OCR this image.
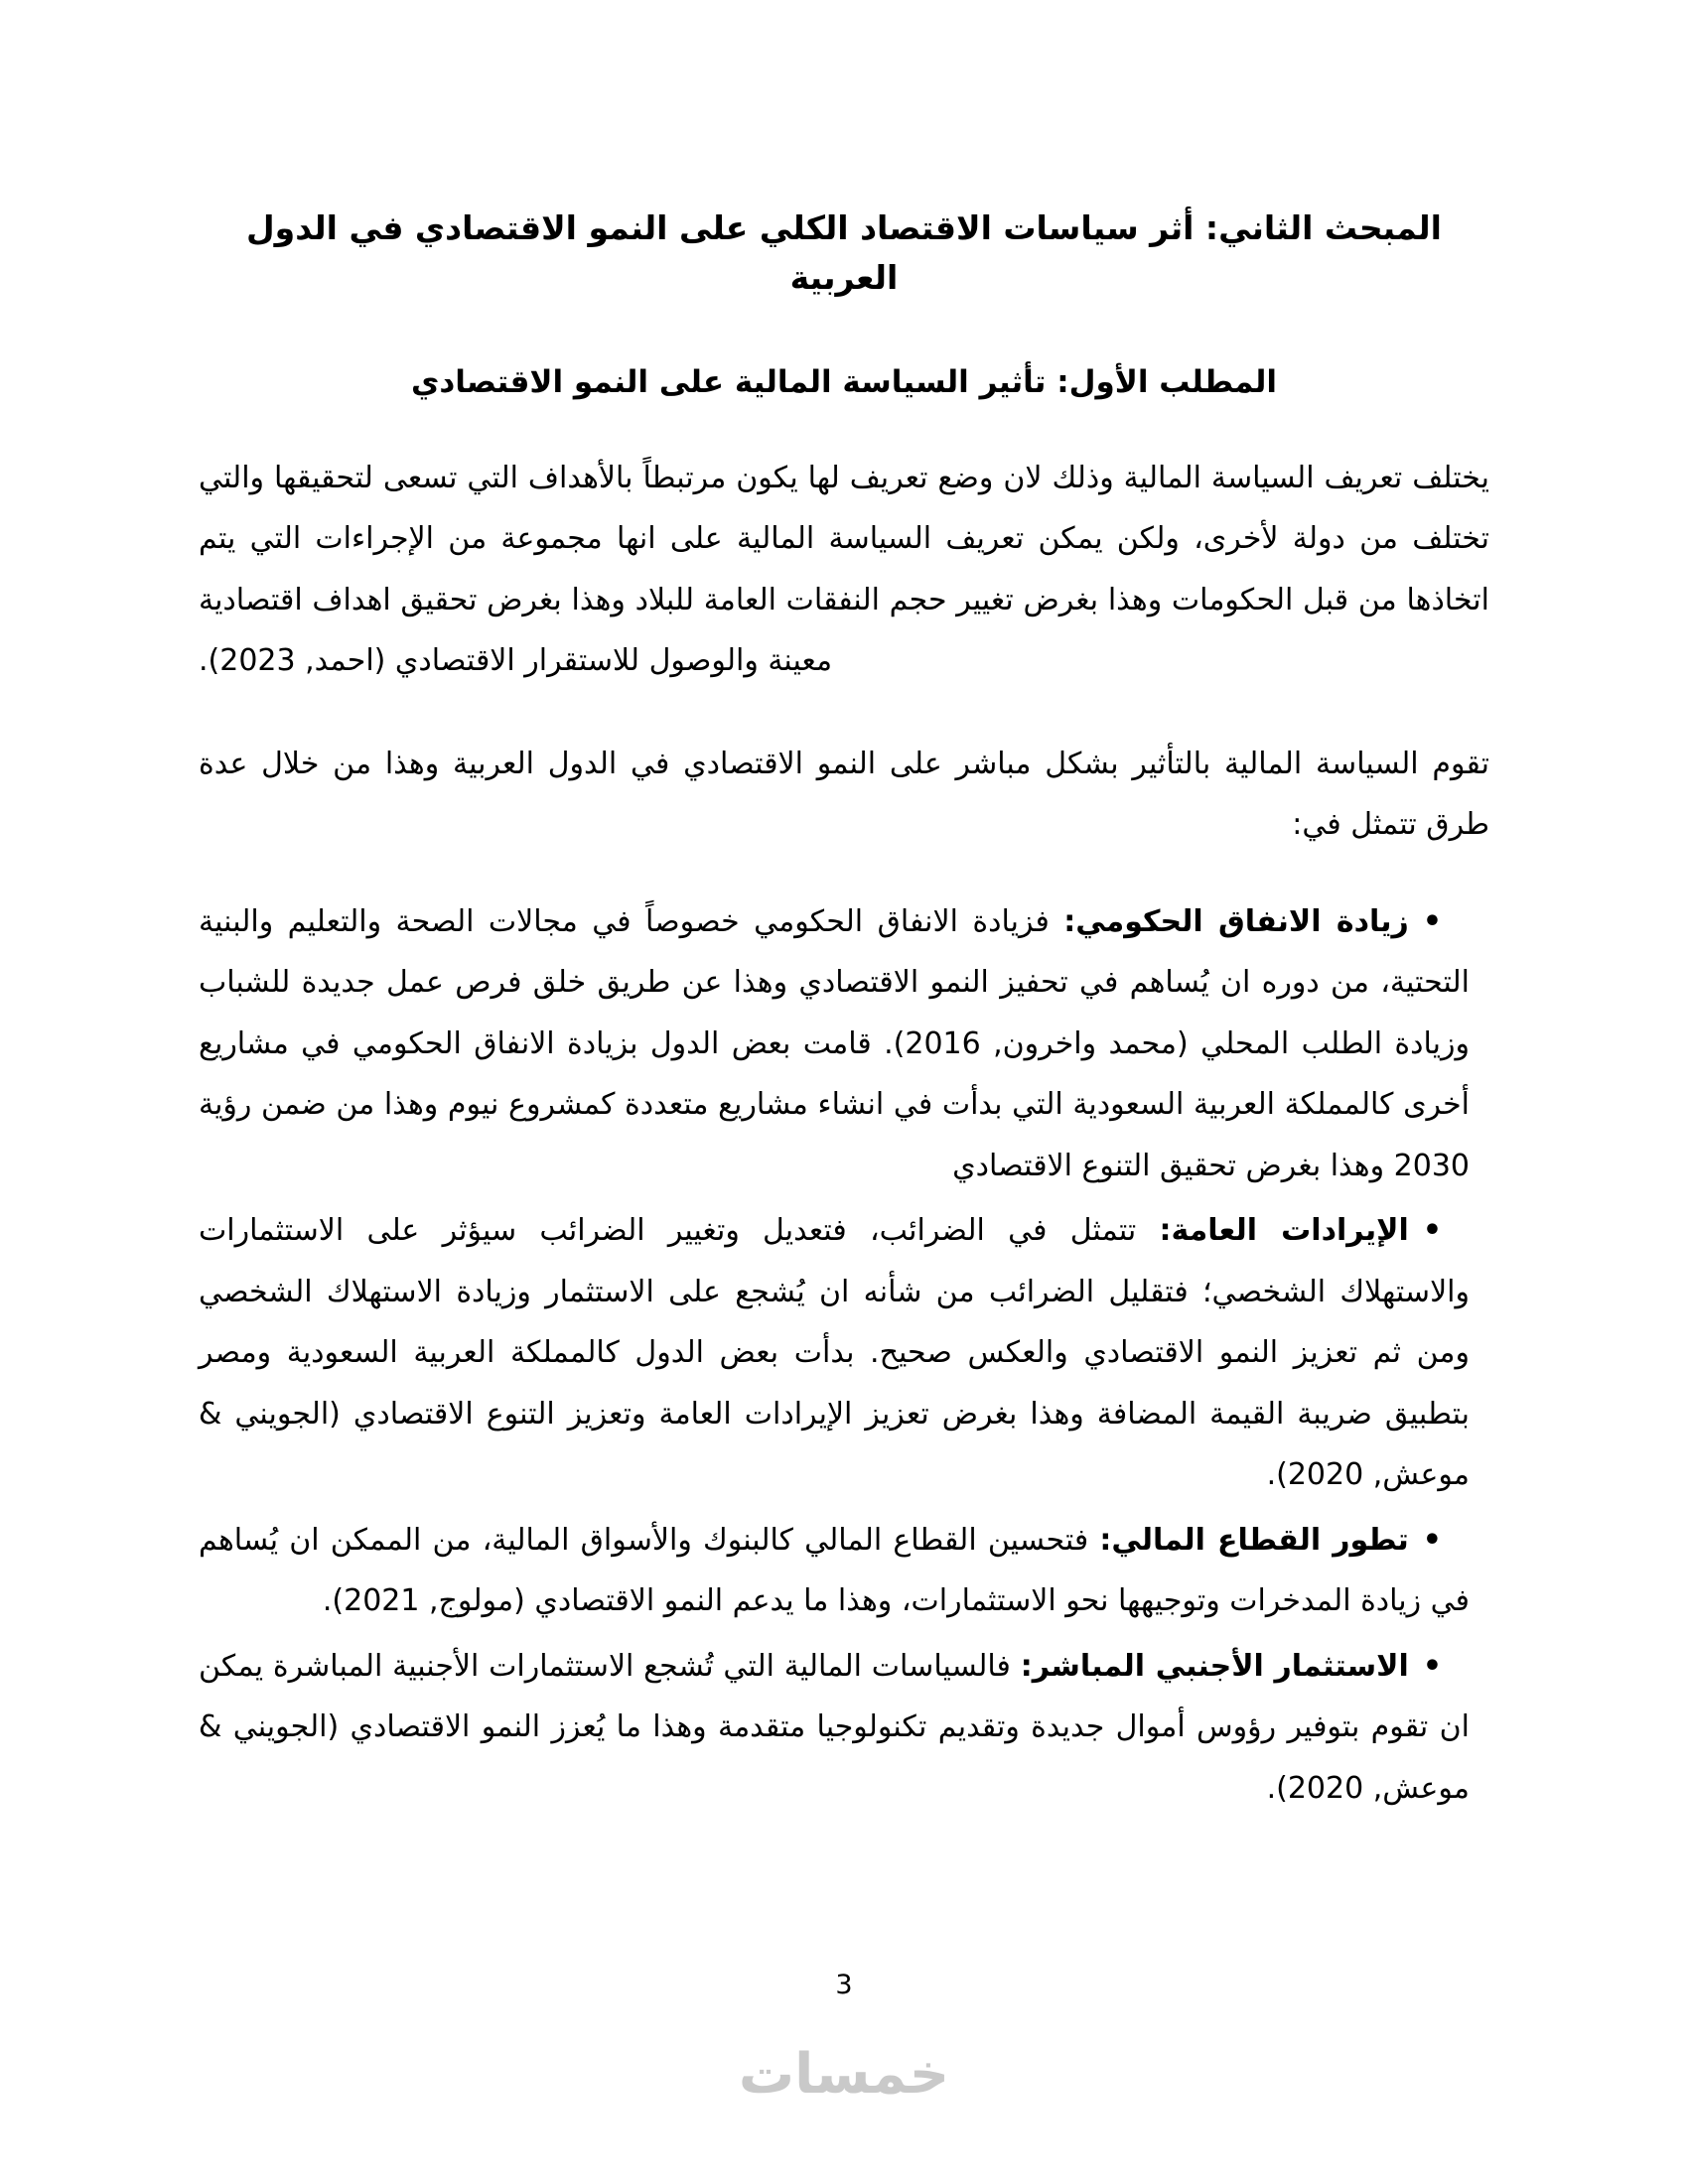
المبحث الثاني: أثر سياسات الاقتصاد الكلي على النمو الاقتصادي في الدول العربية
المطلب الأول: تأثير السياسة المالية على النمو الاقتصادي

يختلف تعريف السياسة المالية وذلك لان وضع تعريف لها يكون مرتبطاً بالأهداف التي تسعى لتحقيقها والتي تختلف من دولة لأخرى، ولكن يمكن تعريف السياسة المالية على انها مجموعة من الإجراءات التي يتم اتخاذها من قبل الحكومات وهذا بغرض تغيير حجم النفقات العامة للبلاد وهذا بغرض تحقيق اهداف اقتصادية معينة والوصول للاستقرار الاقتصادي (احمد, 2023).

تقوم السياسة المالية بالتأثير بشكل مباشر على النمو الاقتصادي في الدول العربية وهذا من خلال عدة طرق تتمثل في:

•زيادة الانفاق الحكومي: فزيادة الانفاق الحكومي خصوصاً في مجالات الصحة والتعليم والبنية التحتية، من دوره ان يُساهم في تحفيز النمو الاقتصادي وهذا عن طريق خلق فرص عمل جديدة للشباب وزيادة الطلب المحلي (محمد واخرون, 2016). قامت بعض الدول بزيادة الانفاق الحكومي في مشاريع أخرى كالمملكة العربية السعودية التي بدأت في انشاء مشاريع متعددة كمشروع نيوم وهذا من ضمن رؤية 2030 وهذا بغرض تحقيق التنوع الاقتصادي
•الإيرادات العامة: تتمثل في الضرائب، فتعديل وتغيير الضرائب سيؤثر على الاستثمارات والاستهلاك الشخصي؛ فتقليل الضرائب من شأنه ان يُشجع على الاستثمار وزيادة الاستهلاك الشخصي ومن ثم تعزيز النمو الاقتصادي والعكس صحيح. بدأت بعض الدول كالمملكة العربية السعودية ومصر بتطبيق ضريبة القيمة المضافة وهذا بغرض تعزيز الإيرادات العامة وتعزيز التنوع الاقتصادي (الجويني & موعش, 2020).
•تطور القطاع المالي: فتحسين القطاع المالي كالبنوك والأسواق المالية، من الممكن ان يُساهم في زيادة المدخرات وتوجيهها نحو الاستثمارات، وهذا ما يدعم النمو الاقتصادي (مولوج, 2021).
•الاستثمار الأجنبي المباشر: فالسياسات المالية التي تُشجع الاستثمارات الأجنبية المباشرة يمكن ان تقوم بتوفير رؤوس أموال جديدة وتقديم تكنولوجيا متقدمة وهذا ما يُعزز النمو الاقتصادي (الجويني & موعش, 2020).
3
خمسات
